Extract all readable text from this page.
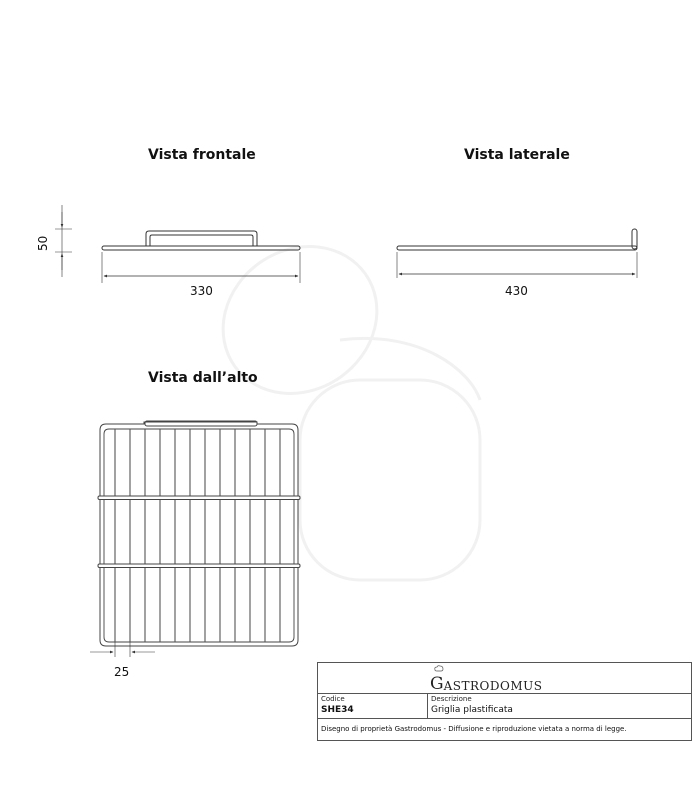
Vista frontale	Vista laterale
Vista dall’alto
330
50
430
25
G ASTRODOMUS
Codice
SHE34
Descrizione
Griglia plastificata
Disegno di proprietà Gastrodomus - Diffusione e riproduzione vietata a norma di legge.
